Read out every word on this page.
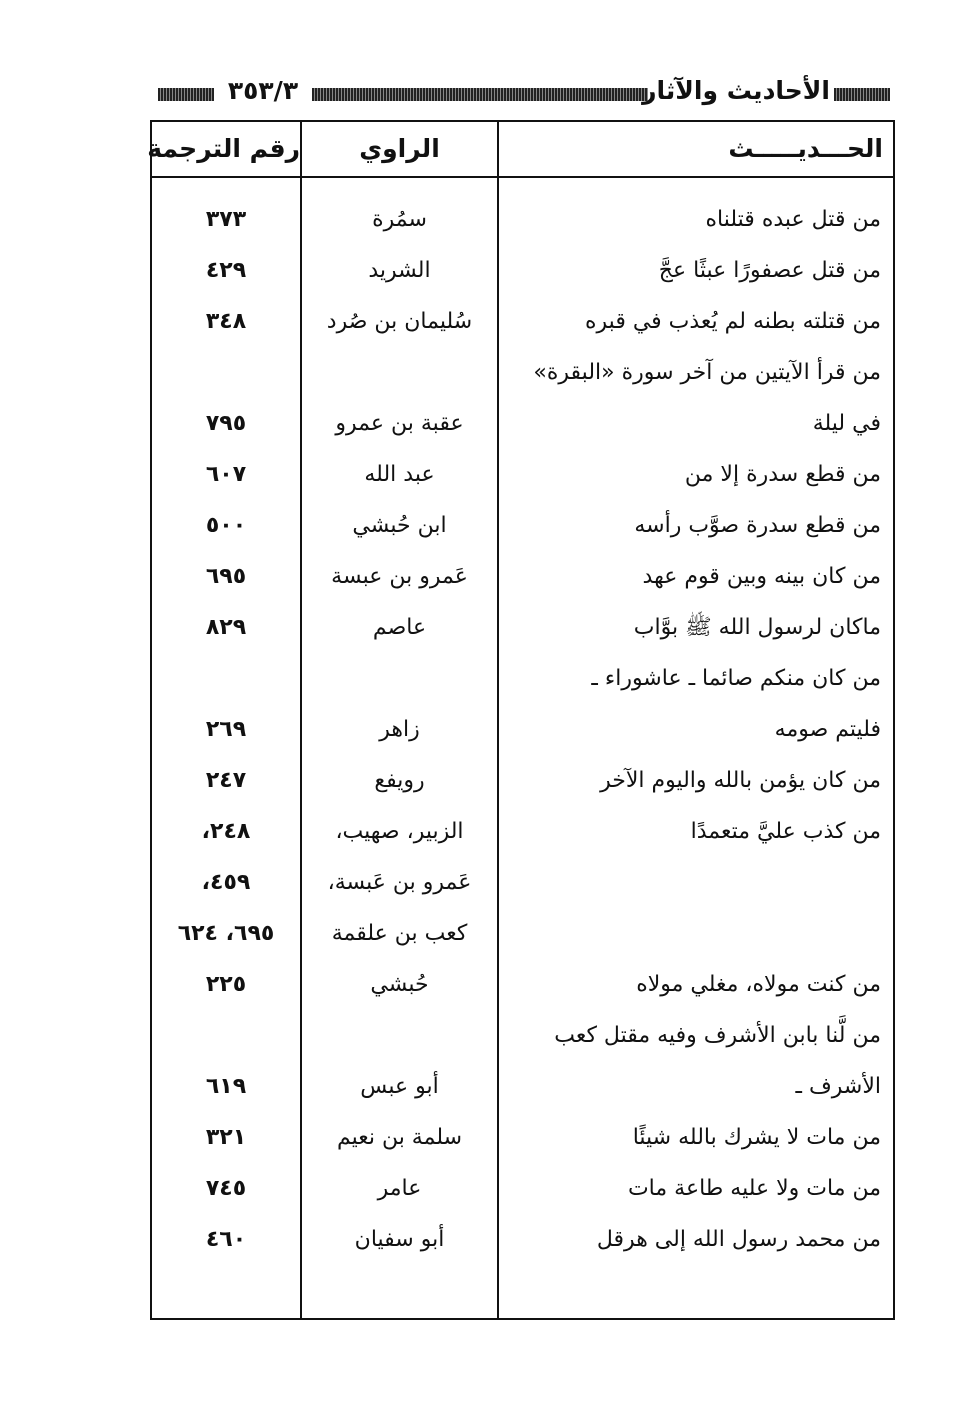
٣٥٣/٣	الأحاديث والآثار
رقم الترجمة	الراوي	الحـــديـــــث
٣٧٣	سمُرة	من قتل عبده قتلناه
٤٢٩	الشريد	من قتل عصفورًا عبثًا عجَّ
٣٤٨	سُليمان بن صُرد	من قتلته بطنه لم يُعذب في قبره
من قرأ الآيتين من آخر سورة «البقرة»
٧٩٥	عقبة بن عمرو	في ليلة
٦٠٧	عبد الله	من قطع سدرة إلا من
٥٠٠	ابن حُبشي	من قطع سدرة صوَّب رأسه
٦٩٥	عَمرو بن عبسة	من كان بينه وبين قوم عهد
٨٢٩	عاصم	ماكان لرسول الله ﷺ بوَّاب
من كان منكم صائما ـ عاشوراء ـ
٢٦٩	زاهر	فليتم صومه
٢٤٧	رويفع	من كان يؤمن بالله واليوم الآخر
٢٤٨،	الزبير، صهيب،	من كذب عليَّ متعمدًا
٤٥٩،	عَمرو بن عَبسة،
٦٩٥، ٦٢٤	كعب بن علقمة
٢٢٥	حُبشي	من كنت مولاه، مغلي مولاه
من لَّنا بابن الأشرف وفيه مقتل كعب
٦١٩	أبو عبس	الأشرف ـ
٣٢١	سلمة بن نعيم	من مات لا يشرك بالله شيئًا
٧٤٥	عامر	من مات ولا عليه طاعة مات
٤٦٠	أبو سفيان	من محمد رسول الله إلى هرقل
